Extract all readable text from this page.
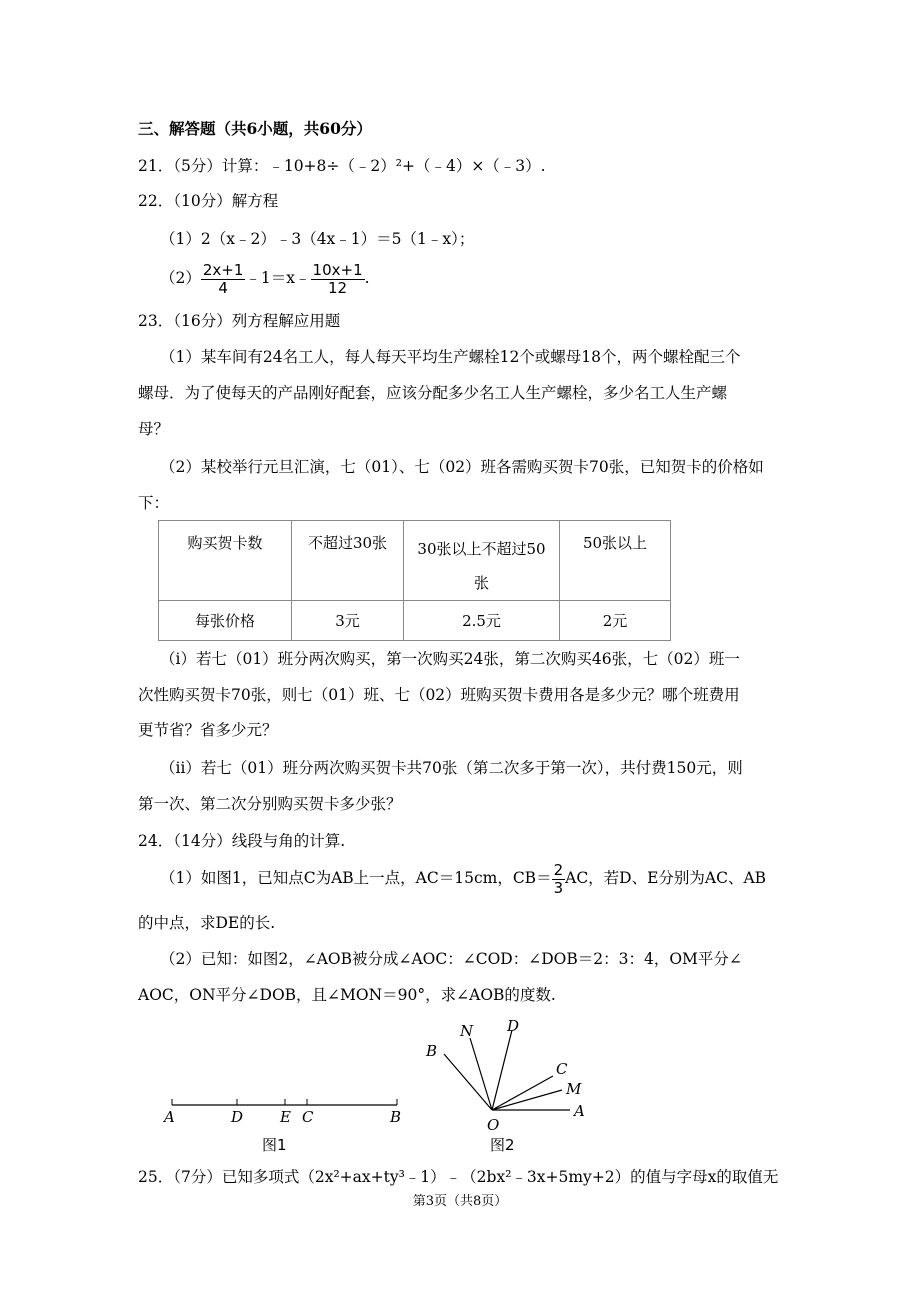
三、解答题（共6小题，共60分）
21．（5分）计算：﹣10+8÷（﹣2）²+（﹣4）×（﹣3）.
22．（10分）解方程
（1）2（x﹣2）﹣3（4x﹣1）＝5（1﹣x）；
$(2) \frac{2x+1}{4}$ ﹣1＝x﹣ $\frac{10x+1}{12}$ .
23．（16分）列方程解应用题
（1）某车间有24名工人，每人每天平均生产螺栓12个或螺母18个，两个螺栓配三个
螺母．为了使每天的产品刚好配套，应该分配多少名工人生产螺栓，多少名工人生产螺
母？
（2）某校举行元旦汇演，七（01）、七（02）班各需购买贺卡70张，已知贺卡的价格如
下：
购买贺卡数	不超过30张	30张以上不超过50
张	50张以上
每张价格	3元	2.5元	2元
（ⅰ）若七（01）班分两次购买，第一次购买24张，第二次购买46张，七（02）班一
次性购买贺卡70张，则七（01）班、七（02）班购买贺卡费用各是多少元？哪个班费用
更节省？省多少元？
（ⅱ）若七（01）班分两次购买贺卡共70张（第二次多于第一次），共付费150元，则
第一次、第二次分别购买贺卡多少张？
24．（14分）线段与角的计算.
（1）如图1，已知点C为AB上一点，AC＝15cm，$CB= \frac{2}{3}$ AC，若D、E分别为AC、AB
的中点，求DE的长.
（2）已知：如图2，∠AOB被分成∠AOC：∠COD：∠DOB＝2：3：4，OM平分∠
AOC，ON平分∠DOB，且∠MON＝90°，求∠AOB的度数.
A	D E C	B
图1
N D
B
C
M
A
O
图2
25．（7分）已知多项式（2x²+ax+ty³﹣1）﹣（2bx²﹣3x+5my+2）的值与字母x的取值无
第3页（共8页）
